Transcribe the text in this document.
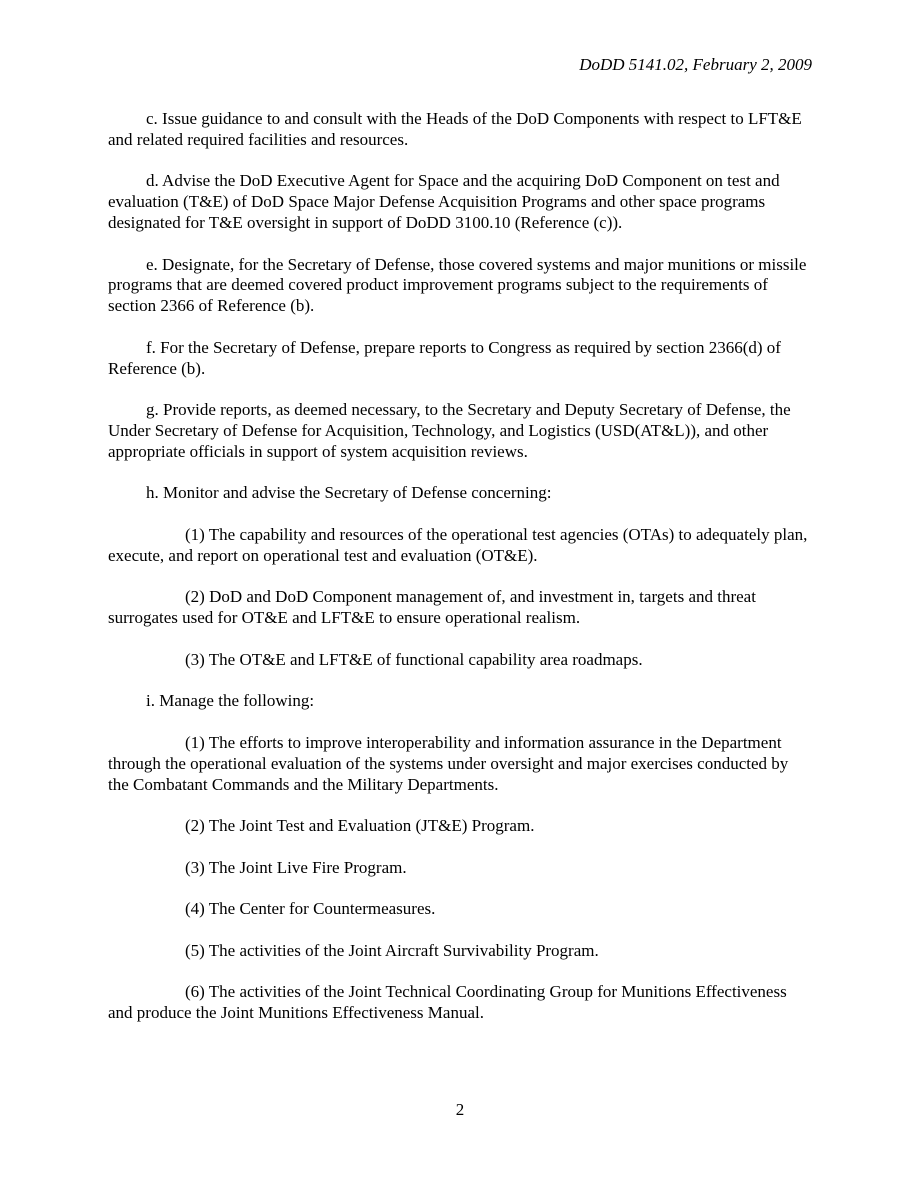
DoDD 5141.02, February 2, 2009

c. Issue guidance to and consult with the Heads of the DoD Components with respect to LFT&E and related required facilities and resources.

d. Advise the DoD Executive Agent for Space and the acquiring DoD Component on test and evaluation (T&E) of DoD Space Major Defense Acquisition Programs and other space programs designated for T&E oversight in support of DoDD 3100.10 (Reference (c)).

e. Designate, for the Secretary of Defense, those covered systems and major munitions or missile programs that are deemed covered product improvement programs subject to the requirements of section 2366 of Reference (b).

f. For the Secretary of Defense, prepare reports to Congress as required by section 2366(d) of Reference (b).

g. Provide reports, as deemed necessary, to the Secretary and Deputy Secretary of Defense, the Under Secretary of Defense for Acquisition, Technology, and Logistics (USD(AT&L)), and other appropriate officials in support of system acquisition reviews.

h. Monitor and advise the Secretary of Defense concerning:

(1) The capability and resources of the operational test agencies (OTAs) to adequately plan, execute, and report on operational test and evaluation (OT&E).

(2) DoD and DoD Component management of, and investment in, targets and threat surrogates used for OT&E and LFT&E to ensure operational realism.

(3) The OT&E and LFT&E of functional capability area roadmaps.

i. Manage the following:

(1) The efforts to improve interoperability and information assurance in the Department through the operational evaluation of the systems under oversight and major exercises conducted by the Combatant Commands and the Military Departments.

(2) The Joint Test and Evaluation (JT&E) Program.

(3) The Joint Live Fire Program.

(4) The Center for Countermeasures.

(5) The activities of the Joint Aircraft Survivability Program.

(6) The activities of the Joint Technical Coordinating Group for Munitions Effectiveness and produce the Joint Munitions Effectiveness Manual.

2
